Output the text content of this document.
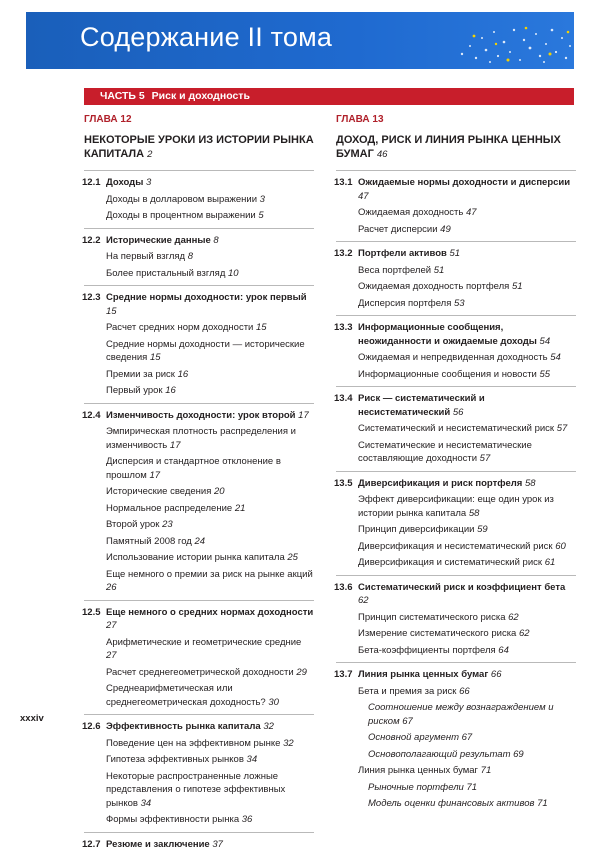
Содержание II тома
ЧАСТЬ 5 Риск и доходность
ГЛАВА 12
НЕКОТОРЫЕ УРОКИ ИЗ ИСТОРИИ РЫНКА КАПИТАЛА 2
12.1 Доходы 3
Доходы в долларовом выражении 3
Доходы в процентном выражении 5
12.2 Исторические данные 8
На первый взгляд 8
Более пристальный взгляд 10
12.3 Средние нормы доходности: урок первый 15
Расчет средних норм доходности 15
Средние нормы доходности — исторические сведения 15
Премии за риск 16
Первый урок 16
12.4 Изменчивость доходности: урок второй 17
Эмпирическая плотность распределения и изменчивость 17
Дисперсия и стандартное отклонение в прошлом 17
Исторические сведения 20
Нормальное распределение 21
Второй урок 23
Памятный 2008 год 24
Использование истории рынка капитала 25
Еще немного о премии за риск на рынке акций 26
12.5 Еще немного о средних нормах доходности 27
Арифметические и геометрические средние 27
Расчет среднегеометрической доходности 29
Среднеарифметическая или среднегеометрическая доходность? 30
12.6 Эффективность рынка капитала 32
Поведение цен на эффективном рынке 32
Гипотеза эффективных рынков 34
Некоторые распространенные ложные представления о гипотезе эффективных рынков 34
Формы эффективности рынка 36
12.7 Резюме и заключение 37
ГЛАВА 13
ДОХОД, РИСК И ЛИНИЯ РЫНКА ЦЕННЫХ БУМАГ 46
13.1 Ожидаемые нормы доходности и дисперсии 47
Ожидаемая доходность 47
Расчет дисперсии 49
13.2 Портфели активов 51
Веса портфелей 51
Ожидаемая доходность портфеля 51
Дисперсия портфеля 53
13.3 Информационные сообщения, неожиданности и ожидаемые доходы 54
Ожидаемая и непредвиденная доходность 54
Информационные сообщения и новости 55
13.4 Риск — систематический и несистематический 56
Систематический и несистематический риск 57
Систематические и несистематические составляющие доходности 57
13.5 Диверсификация и риск портфеля 58
Эффект диверсификации: еще один урок из истории рынка капитала 58
Принцип диверсификации 59
Диверсификация и несистематический риск 60
Диверсификация и систематический риск 61
13.6 Систематический риск и коэффициент бета 62
Принцип систематического риска 62
Измерение систематического риска 62
Бета-коэффициенты портфеля 64
13.7 Линия рынка ценных бумаг 66
Бета и премия за риск 66
Соотношение между вознаграждением и риском 67
Основной аргумент 67
Основополагающий результат 69
Линия рынка ценных бумаг 71
Рыночные портфели 71
Модель оценки финансовых активов 71
xxxiv
